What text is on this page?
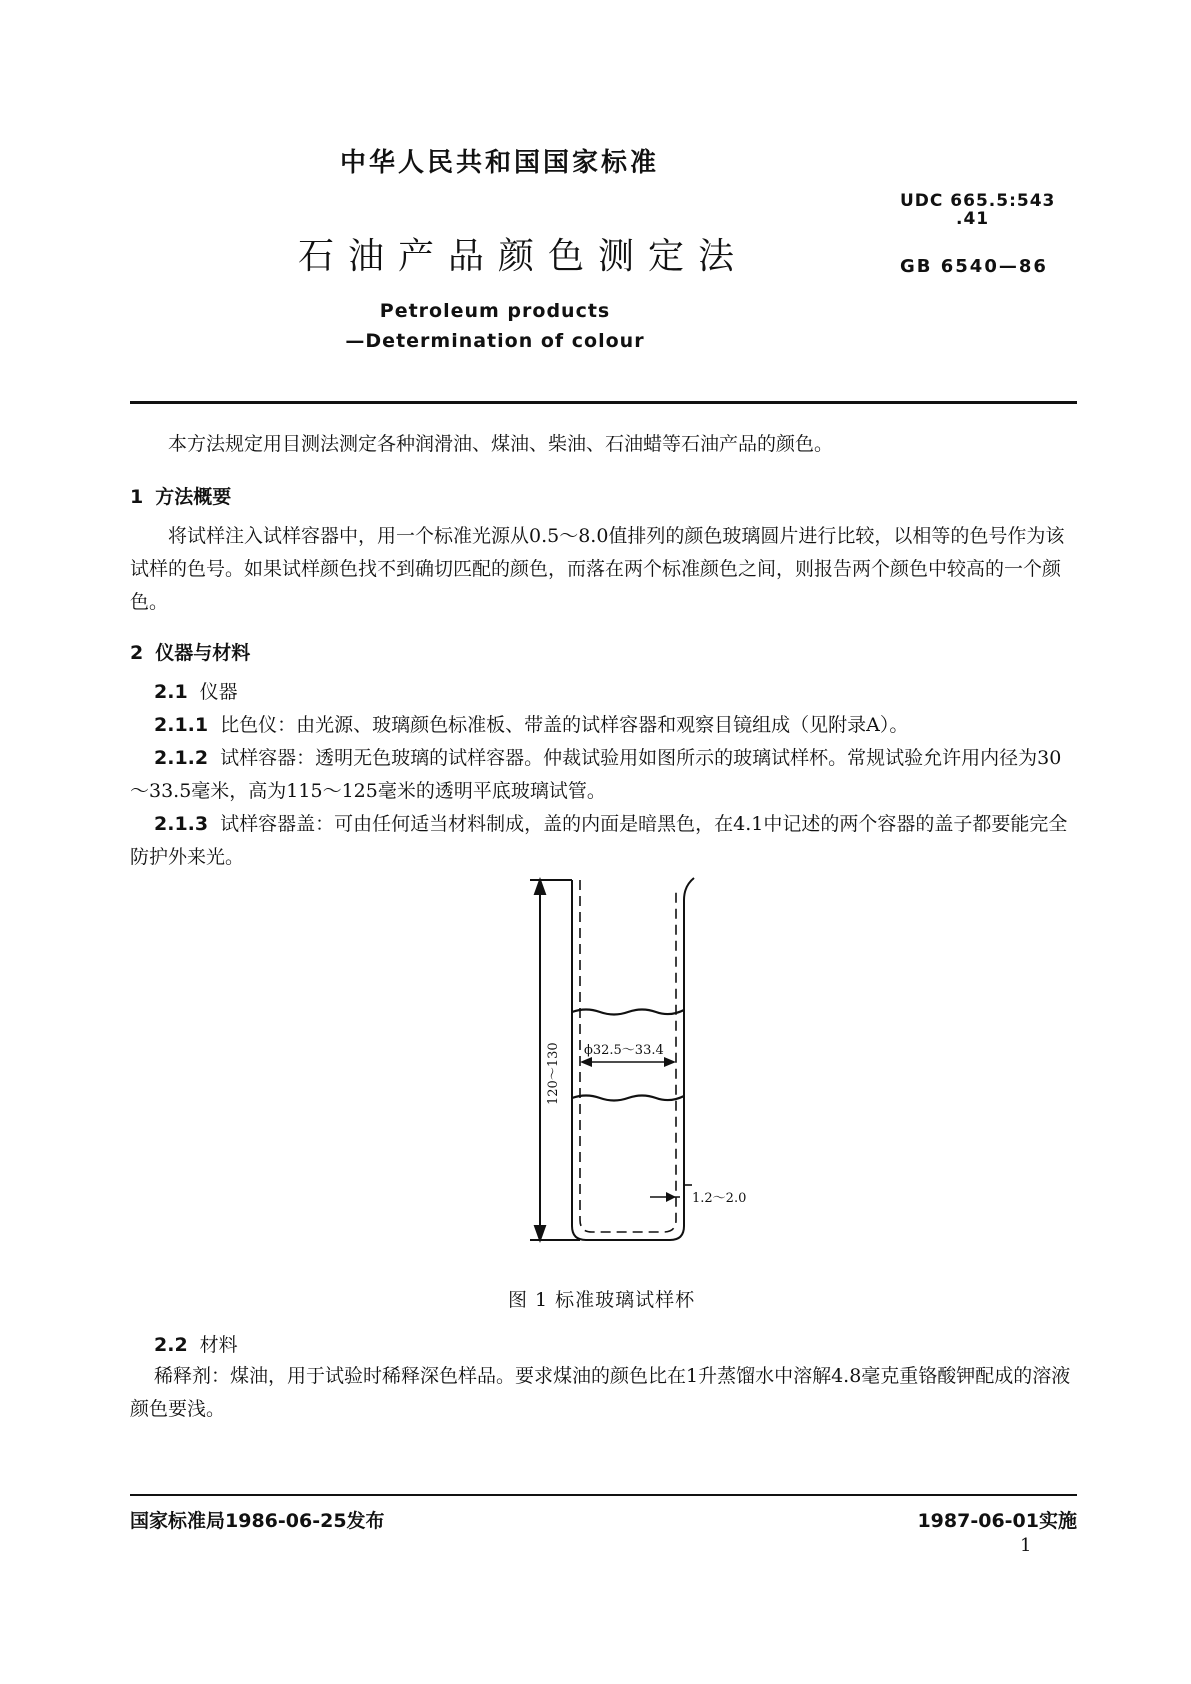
中华人民共和国国家标准
石油产品颜色测定法
Petroleum products
—Determination of colour
UDC 665.5:543
.41
GB 6540—86
本方法规定用目测法测定各种润滑油、煤油、柴油、石油蜡等石油产品的颜色。
1 方法概要
将试样注入试样容器中，用一个标准光源从0.5～8.0值排列的颜色玻璃圆片进行比较，以相等的色号作为该试样的色号。如果试样颜色找不到确切匹配的颜色，而落在两个标准颜色之间，则报告两个颜色中较高的一个颜色。
2 仪器与材料
2.1 仪器
2.1.1 比色仪：由光源、玻璃颜色标准板、带盖的试样容器和观察目镜组成（见附录A）。
2.1.2 试样容器：透明无色玻璃的试样容器。仲裁试验用如图所示的玻璃试样杯。常规试验允许用内径为30～33.5毫米，高为115～125毫米的透明平底玻璃试管。
2.1.3 试样容器盖：可由任何适当材料制成，盖的内面是暗黑色，在4.1中记述的两个容器的盖子都要能完全防护外来光。
120～130 ϕ32.5～33.4
1.2～2.0
图 1 标准玻璃试样杯
2.2 材料
稀释剂：煤油，用于试验时稀释深色样品。要求煤油的颜色比在1升蒸馏水中溶解4.8毫克重铬酸钾配成的溶液颜色要浅。
国家标准局1986-06-25发布	1987-06-01实施
1
